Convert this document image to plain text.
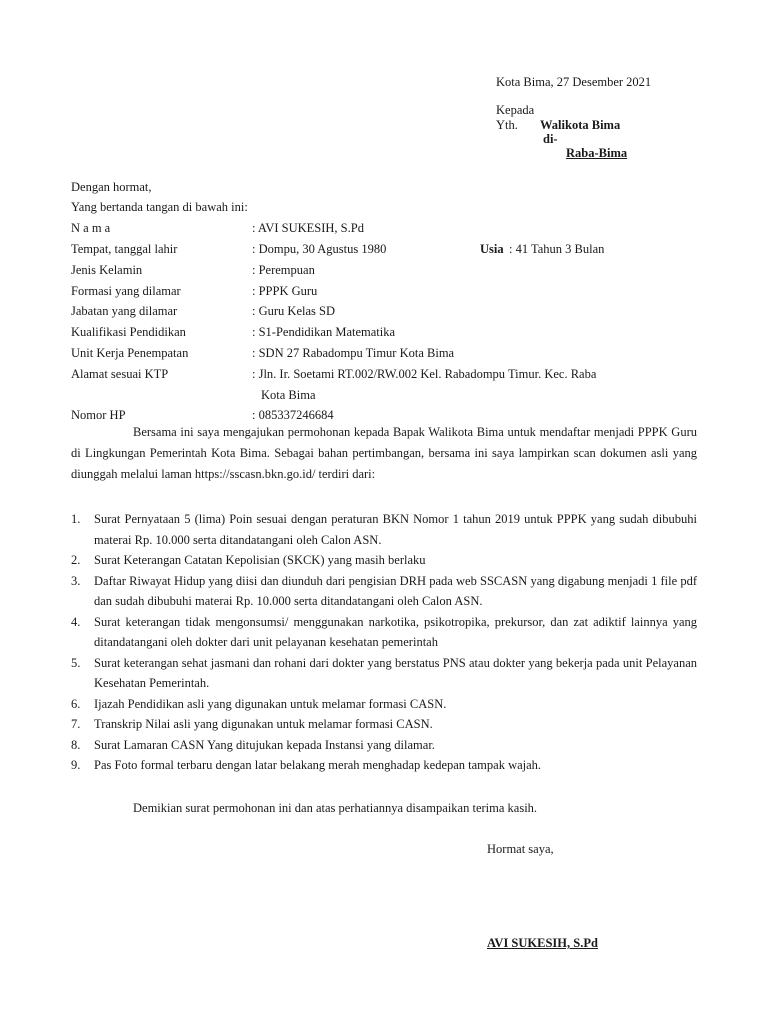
Kota Bima, 27 Desember 2021
Kepada
Yth. Walikota Bima
di-
Raba-Bima
Dengan hormat,
Yang bertanda tangan di bawah ini:
N a m a	: AVI SUKESIH, S.Pd
Tempat, tanggal lahir	: Dompu, 30 Agustus 1980	Usia : 41 Tahun 3 Bulan
Jenis Kelamin	: Perempuan
Formasi yang dilamar	: PPPK Guru
Jabatan yang dilamar	: Guru Kelas SD
Kualifikasi Pendidikan	: S1-Pendidikan Matematika
Unit Kerja Penempatan	: SDN 27 Rabadompu Timur Kota Bima
Alamat sesuai KTP	: Jln. Ir. Soetami RT.002/RW.002 Kel. Rabadompu Timur. Kec. Raba
Kota Bima
Nomor HP	: 085337246684
Bersama ini saya mengajukan permohonan kepada Bapak Walikota Bima untuk mendaftar menjadi PPPK Guru di Lingkungan Pemerintah Kota Bima. Sebagai bahan pertimbangan, bersama ini saya lampirkan scan dokumen asli yang diunggah melalui laman https://sscasn.bkn.go.id/ terdiri dari:
1. Surat Pernyataan 5 (lima) Poin sesuai dengan peraturan BKN Nomor 1 tahun 2019 untuk PPPK yang sudah dibubuhi materai Rp. 10.000 serta ditandatangani oleh Calon ASN.
2. Surat Keterangan Catatan Kepolisian (SKCK) yang masih berlaku
3. Daftar Riwayat Hidup yang diisi dan diunduh dari pengisian DRH pada web SSCASN yang digabung menjadi 1 file pdf dan sudah dibubuhi materai Rp. 10.000 serta ditandatangani oleh Calon ASN.
4. Surat keterangan tidak mengonsumsi/ menggunakan narkotika, psikotropika, prekursor, dan zat adiktif lainnya yang ditandatangani oleh dokter dari unit pelayanan kesehatan pemerintah
5. Surat keterangan sehat jasmani dan rohani dari dokter yang berstatus PNS atau dokter yang bekerja pada unit Pelayanan Kesehatan Pemerintah.
6. Ijazah Pendidikan asli yang digunakan untuk melamar formasi CASN.
7. Transkrip Nilai asli yang digunakan untuk melamar formasi CASN.
8. Surat Lamaran CASN Yang ditujukan kepada Instansi yang dilamar.
9. Pas Foto formal terbaru dengan latar belakang merah menghadap kedepan tampak wajah.
Demikian surat permohonan ini dan atas perhatiannya disampaikan terima kasih.
Hormat saya,
AVI SUKESIH, S.Pd
